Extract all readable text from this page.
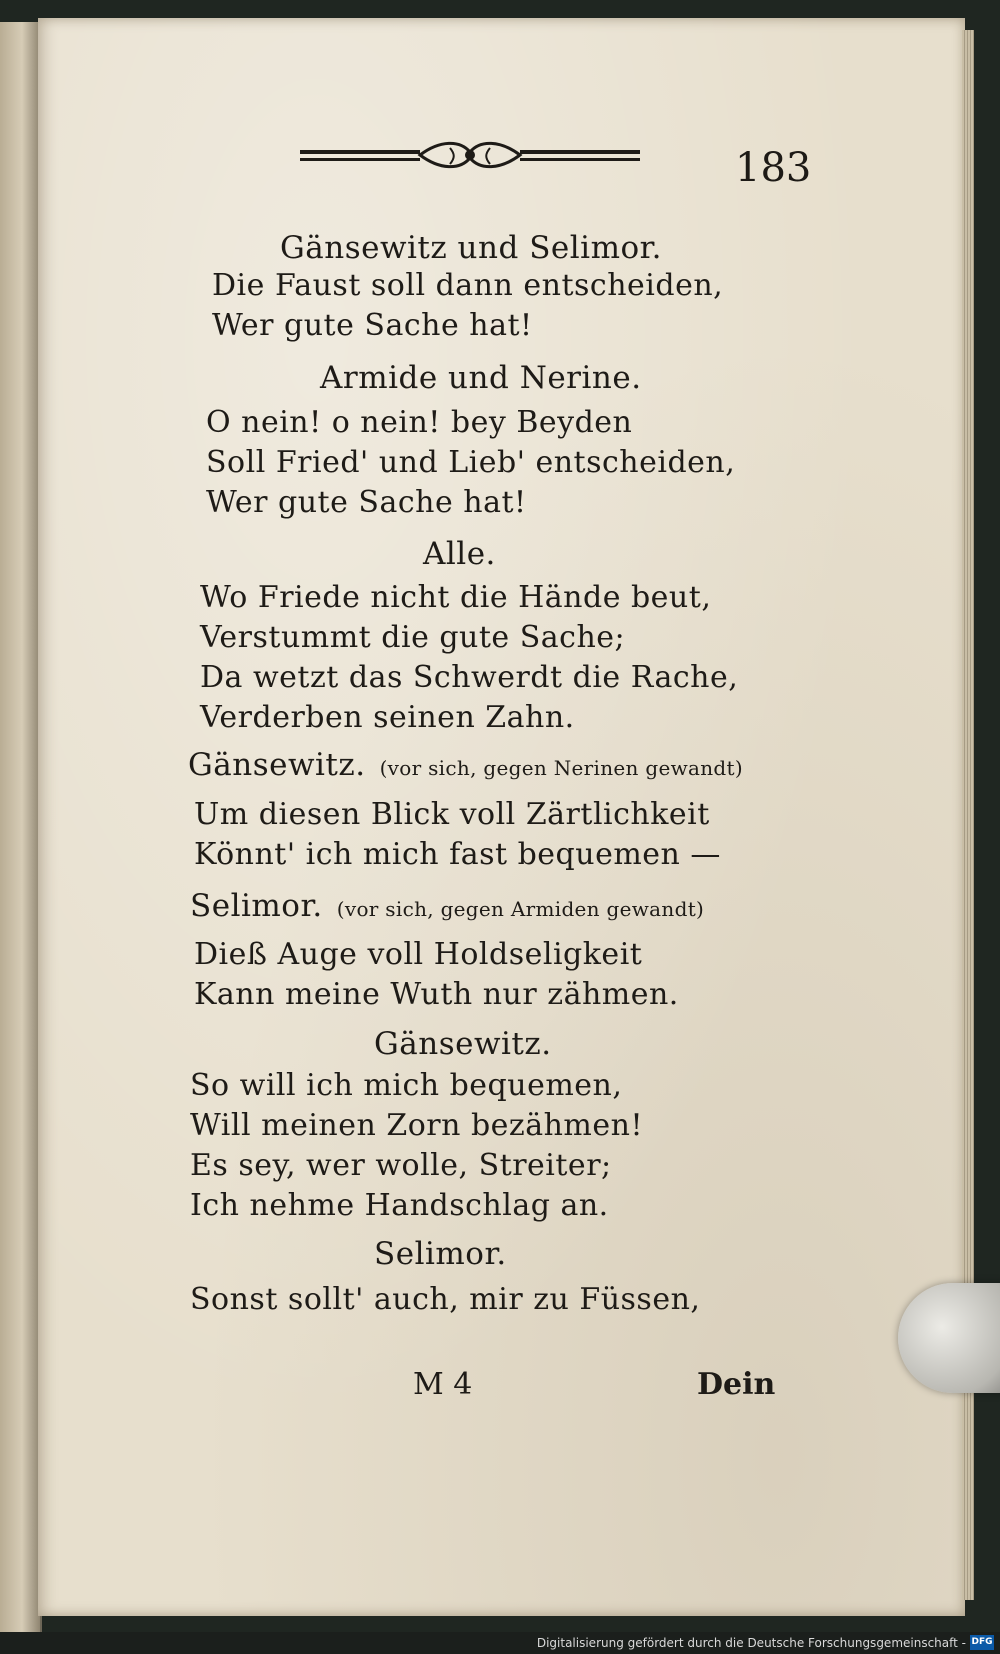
183
Gänsewitz und Selimor.
Die Faust soll dann entscheiden,
Wer gute Sache hat!
Armide und Nerine.
O nein! o nein! bey Beyden
Soll Fried' und Lieb' entscheiden,
Wer gute Sache hat!
Alle.
Wo Friede nicht die Hände beut,
Verstummt die gute Sache;
Da wetzt das Schwerdt die Rache,
Verderben seinen Zahn.
Gänsewitz. (vor sich, gegen Nerinen gewandt)
Um diesen Blick voll Zärtlichkeit
Könnt' ich mich fast bequemen —
Selimor. (vor sich, gegen Armiden gewandt)
Dieß Auge voll Holdseligkeit
Kann meine Wuth nur zähmen.
Gänsewitz.
So will ich mich bequemen,
Will meinen Zorn bezähmen!
Es sey, wer wolle, Streiter;
Ich nehme Handschlag an.
Selimor.
Sonst sollt' auch, mir zu Füssen,
M 4	Dein
Digitalisierung gefördert durch die Deutsche Forschungsgemeinschaft - DFG
